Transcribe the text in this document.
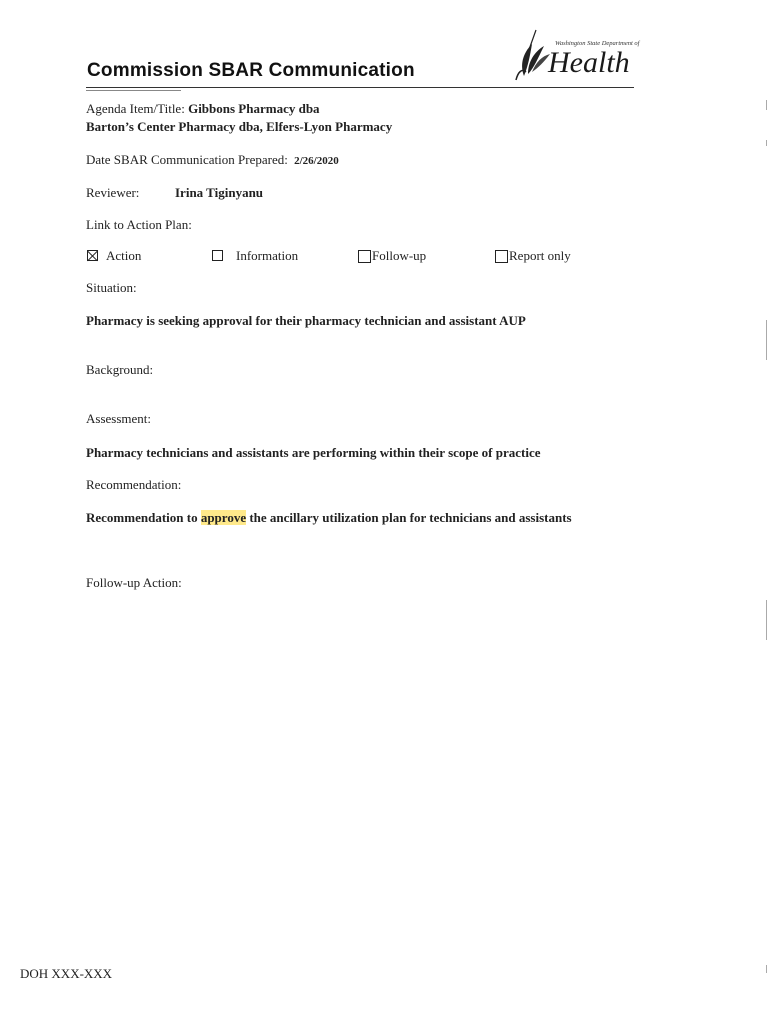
Commission SBAR Communication
Washington State Department of
Health
Agenda Item/Title: Gibbons Pharmacy dba
Barton’s Center Pharmacy dba, Elfers-Lyon Pharmacy
Date SBAR Communication Prepared: 2/26/2020
Reviewer:	Irina Tiginyanu
Link to Action Plan:
Action	Information	Follow-up	Report only
Situation:
Pharmacy is seeking approval for their pharmacy technician and assistant AUP
Background:
Assessment:
Pharmacy technicians and assistants are performing within their scope of practice
Recommendation:
Recommendation to approve the ancillary utilization plan for technicians and assistants
Follow-up Action:
DOH XXX-XXX
